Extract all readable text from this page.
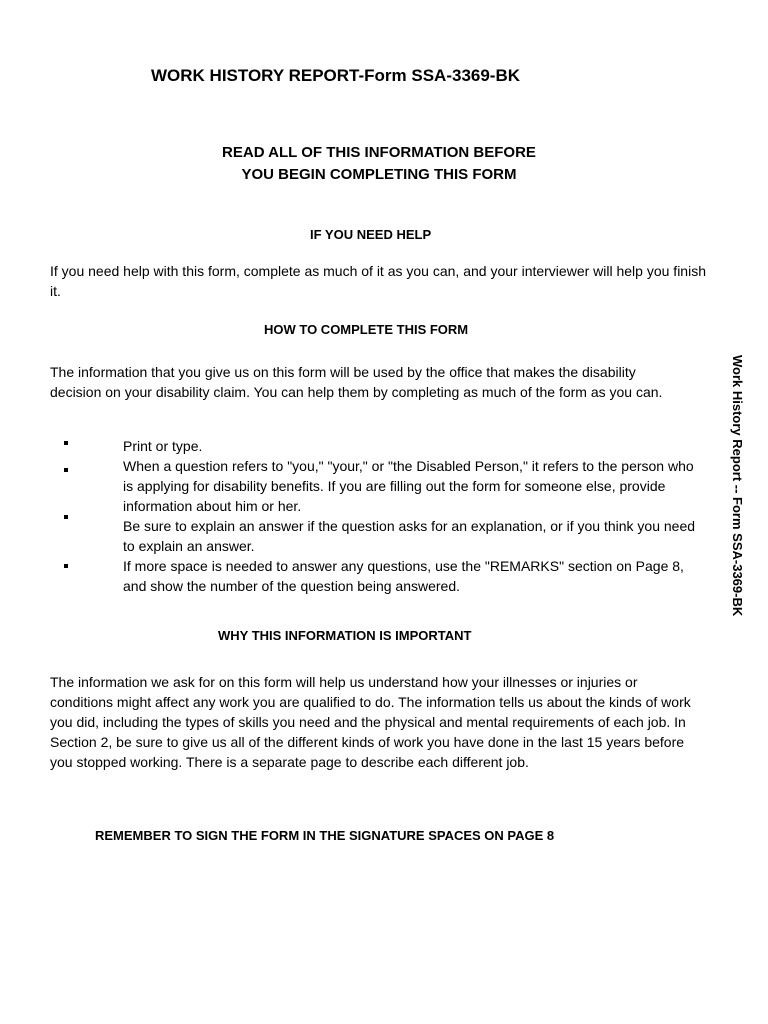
WORK HISTORY REPORT-Form SSA-3369-BK
READ ALL OF THIS INFORMATION BEFORE
YOU BEGIN COMPLETING THIS FORM
IF YOU NEED HELP

If you need help with this form, complete as much of it as you can, and your interviewer will help you finish it.

HOW TO COMPLETE THIS FORM

The information that you give us on this form will be used by the office that makes the disability decision on your disability claim. You can help them by completing as much of the form as you can.

Print or type.
When a question refers to "you," "your," or "the Disabled Person," it refers to the person who is applying for disability benefits. If you are filling out the form for someone else, provide information about him or her.
Be sure to explain an answer if the question asks for an explanation, or if you think you need to explain an answer.
If more space is needed to answer any questions, use the "REMARKS" section on Page 8, and show the number of the question being answered.
WHY THIS INFORMATION IS IMPORTANT

The information we ask for on this form will help us understand how your illnesses or injuries or conditions might affect any work you are qualified to do. The information tells us about the kinds of work you did, including the types of skills you need and the physical and mental requirements of each job. In Section 2, be sure to give us all of the different kinds of work you have done in the last 15 years before you stopped working. There is a separate page to describe each different job.

REMEMBER TO SIGN THE FORM IN THE SIGNATURE SPACES ON PAGE 8

Work History Report -- Form SSA-3369-BK
